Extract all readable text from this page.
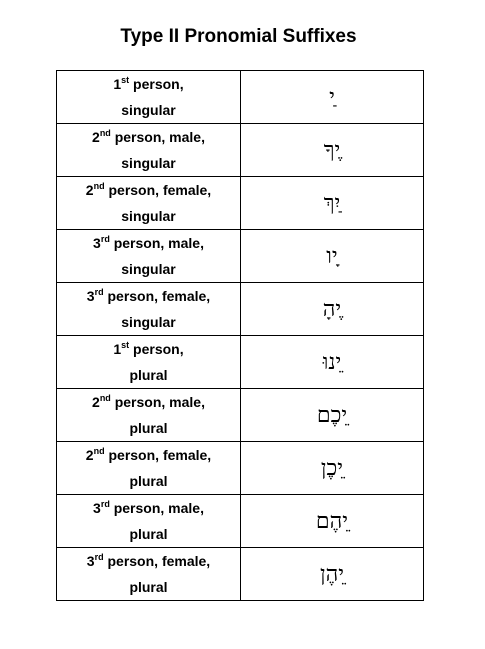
Type II Pronomial Suffixes
1st person,
singular	ַי

2nd person, male,
singular	ֶיךָ

2nd person, female,
singular	ַיִךְ

3rd person, male,
singular	ָיו

3rd person, female,
singular	ֶיהָ

1st person,
plural	ֵינוּ

2nd person, male,
plural	ֵיכֶם

2nd person, female,
plural	ֵיכֶן

3rd person, male,
plural	ֵיהֶם

3rd person, female,
plural	ֵיהֶן
